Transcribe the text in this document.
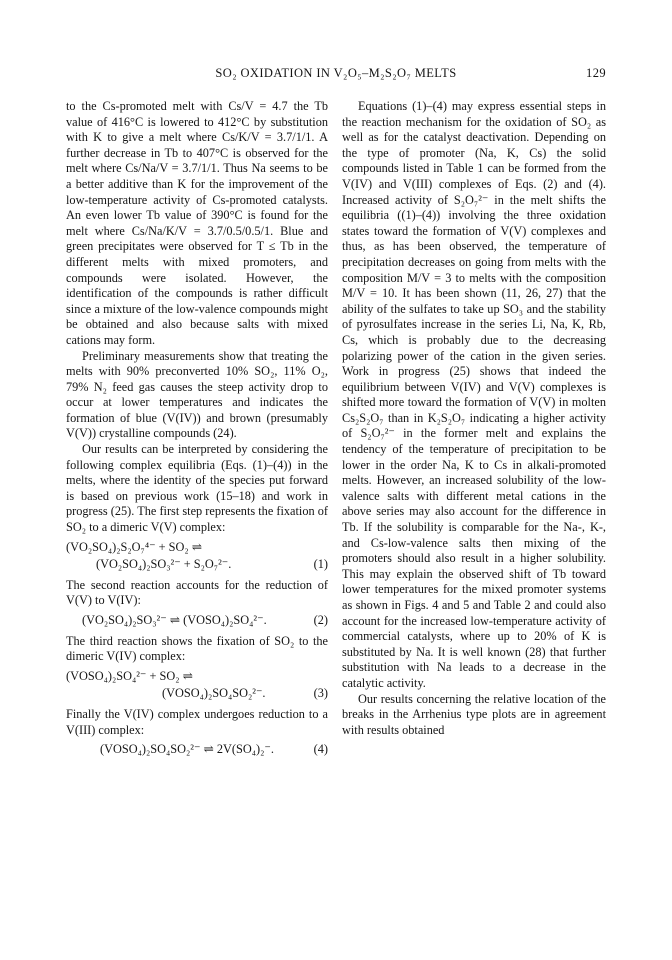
SO₂ OXIDATION IN V₂O₅–M₂S₂O₇ MELTS	129

to the Cs-promoted melt with Cs/V = 4.7 the Tb value of 416°C is lowered to 412°C by substitution with K to give a melt where Cs/K/V = 3.7/1/1. A further decrease in Tb to 407°C is observed for the melt where Cs/Na/V = 3.7/1/1. Thus Na seems to be a better additive than K for the improvement of the low-temperature activity of Cs-promoted catalysts. An even lower Tb value of 390°C is found for the melt where Cs/Na/K/V = 3.7/0.5/0.5/1. Blue and green precipitates were observed for T ≤ Tb in the different melts with mixed promoters, and compounds were isolated. However, the identification of the compounds is rather difficult since a mixture of the low-valence compounds might be obtained and also because salts with mixed cations may form.

Preliminary measurements show that treating the melts with 90% preconverted 10% SO₂, 11% O₂, 79% N₂ feed gas causes the steep activity drop to occur at lower temperatures and indicates the formation of blue (V(IV)) and brown (presumably V(V)) crystalline compounds (24).

Our results can be interpreted by considering the following complex equilibria (Eqs. (1)–(4)) in the melts, where the identity of the species put forward is based on previous work (15–18) and work in progress (25). The first step represents the fixation of SO₂ to a dimeric V(V) complex:

(VO₂SO₄)₂S₂O₇⁴⁻ + SO₂ ⇌
(VO₂SO₄)₂SO₃²⁻ + S₂O₇²⁻.	(1)

The second reaction accounts for the reduction of V(V) to V(IV):

(VO₂SO₄)₂SO₃²⁻ ⇌ (VOSO₄)₂SO₄²⁻.	(2)

The third reaction shows the fixation of SO₂ to the dimeric V(IV) complex:

(VOSO₄)₂SO₄²⁻ + SO₂ ⇌
(VOSO₄)₂SO₄SO₂²⁻.	(3)

Finally the V(IV) complex undergoes reduction to a V(III) complex:

(VOSO₄)₂SO₄SO₂²⁻ ⇌ 2V(SO₄)₂⁻.	(4)

Equations (1)–(4) may express essential steps in the reaction mechanism for the oxidation of SO₂ as well as for the catalyst deactivation. Depending on the type of promoter (Na, K, Cs) the solid compounds listed in Table 1 can be formed from the V(IV) and V(III) complexes of Eqs. (2) and (4). Increased activity of S₂O₇²⁻ in the melt shifts the equilibria ((1)–(4)) involving the three oxidation states toward the formation of V(V) complexes and thus, as has been observed, the temperature of precipitation decreases on going from melts with the composition M/V = 3 to melts with the composition M/V = 10. It has been shown (11, 26, 27) that the ability of the sulfates to take up SO₃ and the stability of pyrosulfates increase in the series Li, Na, K, Rb, Cs, which is probably due to the decreasing polarizing power of the cation in the given series. Work in progress (25) shows that indeed the equilibrium between V(IV) and V(V) complexes is shifted more toward the formation of V(V) in molten Cs₂S₂O₇ than in K₂S₂O₇ indicating a higher activity of S₂O₇²⁻ in the former melt and explains the tendency of the temperature of precipitation to be lower in the order Na, K to Cs in alkali-promoted melts. However, an increased solubility of the low-valence salts with different metal cations in the above series may also account for the difference in Tb. If the solubility is comparable for the Na-, K-, and Cs-low-valence salts then mixing of the promoters should also result in a higher solubility. This may explain the observed shift of Tb toward lower temperatures for the mixed promoter systems as shown in Figs. 4 and 5 and Table 2 and could also account for the increased low-temperature activity of commercial catalysts, where up to 20% of K is substituted by Na. It is well known (28) that further substitution with Na leads to a decrease in the catalytic activity.

Our results concerning the relative location of the breaks in the Arrhenius type plots are in agreement with results obtained
